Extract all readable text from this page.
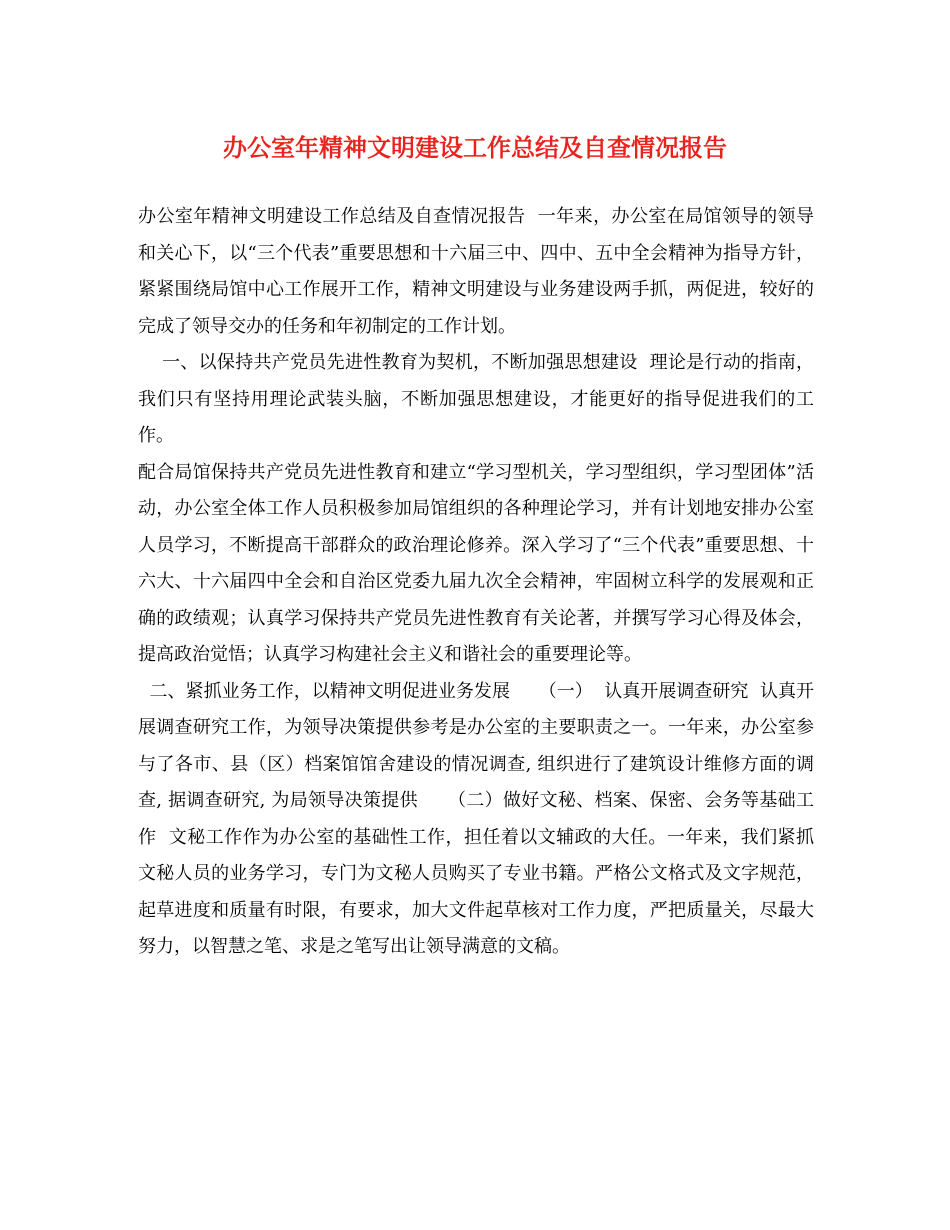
办公室年精神文明建设工作总结及自查情况报告

办公室年精神文明建设工作总结及自查情况报告  一年来，办公室在局馆领导的领导和关心下，以“三个代表”重要思想和十六届三中、四中、五中全会精神为指导方针，紧紧围绕局馆中心工作展开工作，精神文明建设与业务建设两手抓，两促进，较好的完成了领导交办的任务和年初制定的工作计划。

一、以保持共产党员先进性教育为契机，不断加强思想建设  理论是行动的指南，我们只有坚持用理论武装头脑，不断加强思想建设，才能更好的指导促进我们的工作。

配合局馆保持共产党员先进性教育和建立“学习型机关，学习型组织，学习型团体”活动，办公室全体工作人员积极参加局馆组织的各种理论学习，并有计划地安排办公室人员学习，不断提高干部群众的政治理论修养。深入学习了“三个代表”重要思想、十六大、十六届四中全会和自治区党委九届九次全会精神，牢固树立科学的发展观和正确的政绩观；认真学习保持共产党员先进性教育有关论著，并撰写学习心得及体会，提高政治觉悟；认真学习构建社会主义和谐社会的重要理论等。

二、紧抓业务工作，以精神文明促进业务发展     （一）  认真开展调查研究  认真开展调查研究工作，为领导决策提供参考是办公室的主要职责之一。一年来，办公室参与了各市、县（区）档案馆馆舍建设的情况调查, 组织进行了建筑设计维修方面的调查, 据调查研究, 为局领导决策提供     （二）做好文秘、档案、保密、会务等基础工作  文秘工作作为办公室的基础性工作，担任着以文辅政的大任。一年来，我们紧抓文秘人员的业务学习，专门为文秘人员购买了专业书籍。严格公文格式及文字规范，起草进度和质量有时限，有要求，加大文件起草核对工作力度，严把质量关，尽最大努力，以智慧之笔、求是之笔写出让领导满意的文稿。
